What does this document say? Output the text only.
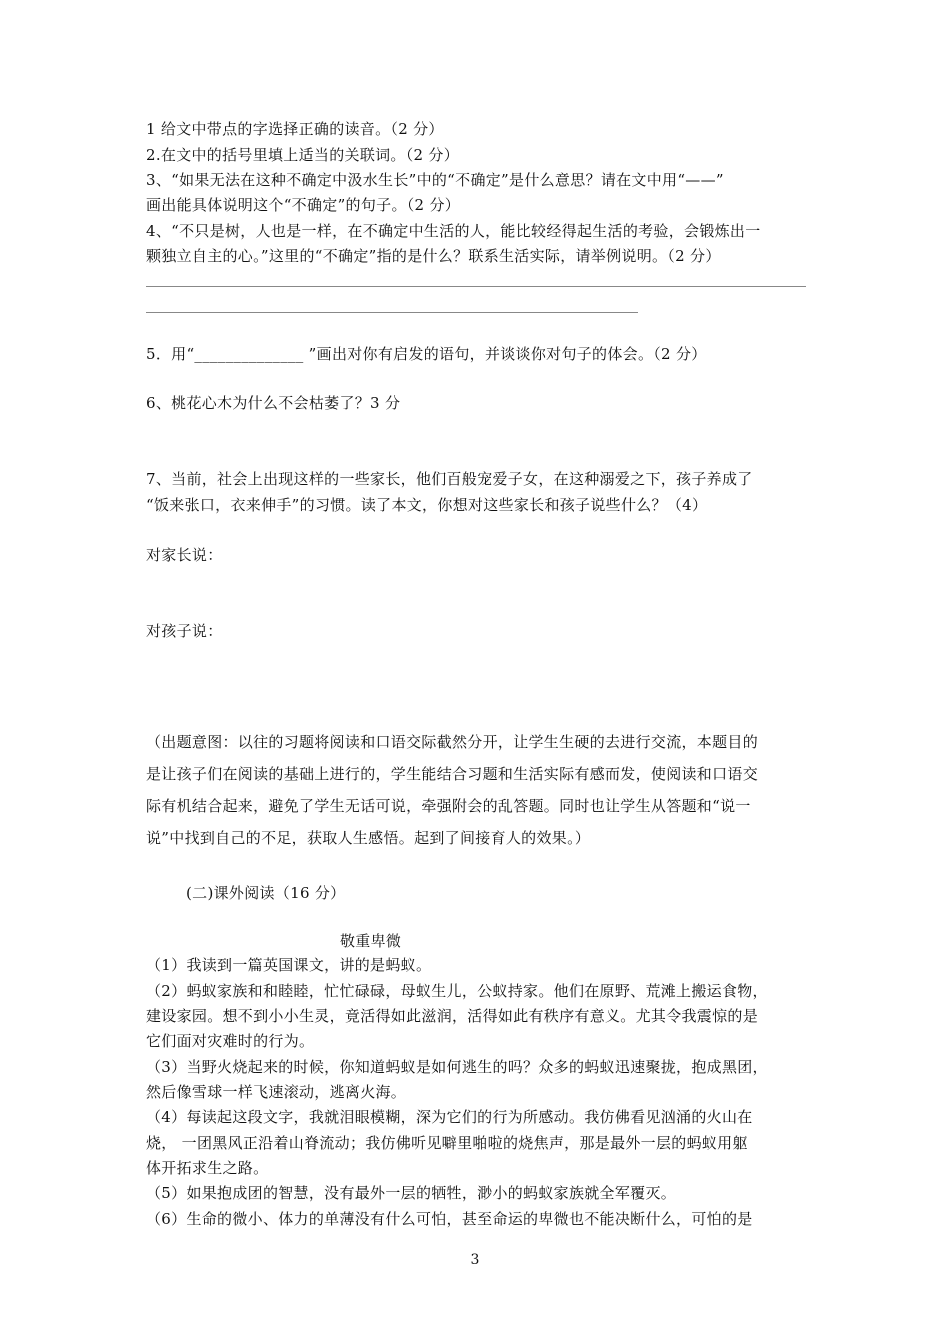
1 给文中带点的字选择正确的读音。（2 分）
2.在文中的括号里填上适当的关联词。（2 分）
3、“如果无法在这种不确定中汲水生长”中的“不确定”是什么意思？请在文中用“——”
画出能具体说明这个“不确定”的句子。（2 分）
4、“不只是树，人也是一样，在不确定中生活的人，能比较经得起生活的考验，会锻炼出一
颗独立自主的心。”这里的“不确定”指的是什么？联系生活实际，请举例说明。（2 分）
5．用“______________ ”画出对你有启发的语句，并谈谈你对句子的体会。（2 分）
6、桃花心木为什么不会枯萎了？3 分
7、当前，社会上出现这样的一些家长，他们百般宠爱子女，在这种溺爱之下，孩子养成了
“饭来张口，衣来伸手”的习惯。读了本文，你想对这些家长和孩子说些什么？（4）
对家长说：
对孩子说：
（出题意图：以往的习题将阅读和口语交际截然分开，让学生生硬的去进行交流，本题目的
是让孩子们在阅读的基础上进行的，学生能结合习题和生活实际有感而发，使阅读和口语交
际有机结合起来，避免了学生无话可说，牵强附会的乱答题。同时也让学生从答题和“说一
说”中找到自己的不足，获取人生感悟。起到了间接育人的效果。）
(二)课外阅读（16 分）
敬重卑微
（1）我读到一篇英国课文，讲的是蚂蚁。
（2）蚂蚁家族和和睦睦，忙忙碌碌，母蚁生儿，公蚁持家。他们在原野、荒滩上搬运食物，
建设家园。想不到小小生灵，竟活得如此滋润，活得如此有秩序有意义。尤其令我震惊的是
它们面对灾难时的行为。
（3）当野火烧起来的时候，你知道蚂蚁是如何逃生的吗？众多的蚂蚁迅速聚拢，抱成黑团，
然后像雪球一样飞速滚动，逃离火海。
（4）每读起这段文字，我就泪眼模糊，深为它们的行为所感动。我仿佛看见汹涌的火山在
烧， 一团黑风正沿着山脊流动；我仿佛听见噼里啪啦的烧焦声，那是最外一层的蚂蚁用躯
体开拓求生之路。
（5）如果抱成团的智慧，没有最外一层的牺牲，渺小的蚂蚁家族就全军覆灭。
（6）生命的微小、体力的单薄没有什么可怕，甚至命运的卑微也不能决断什么，可怕的是
3
